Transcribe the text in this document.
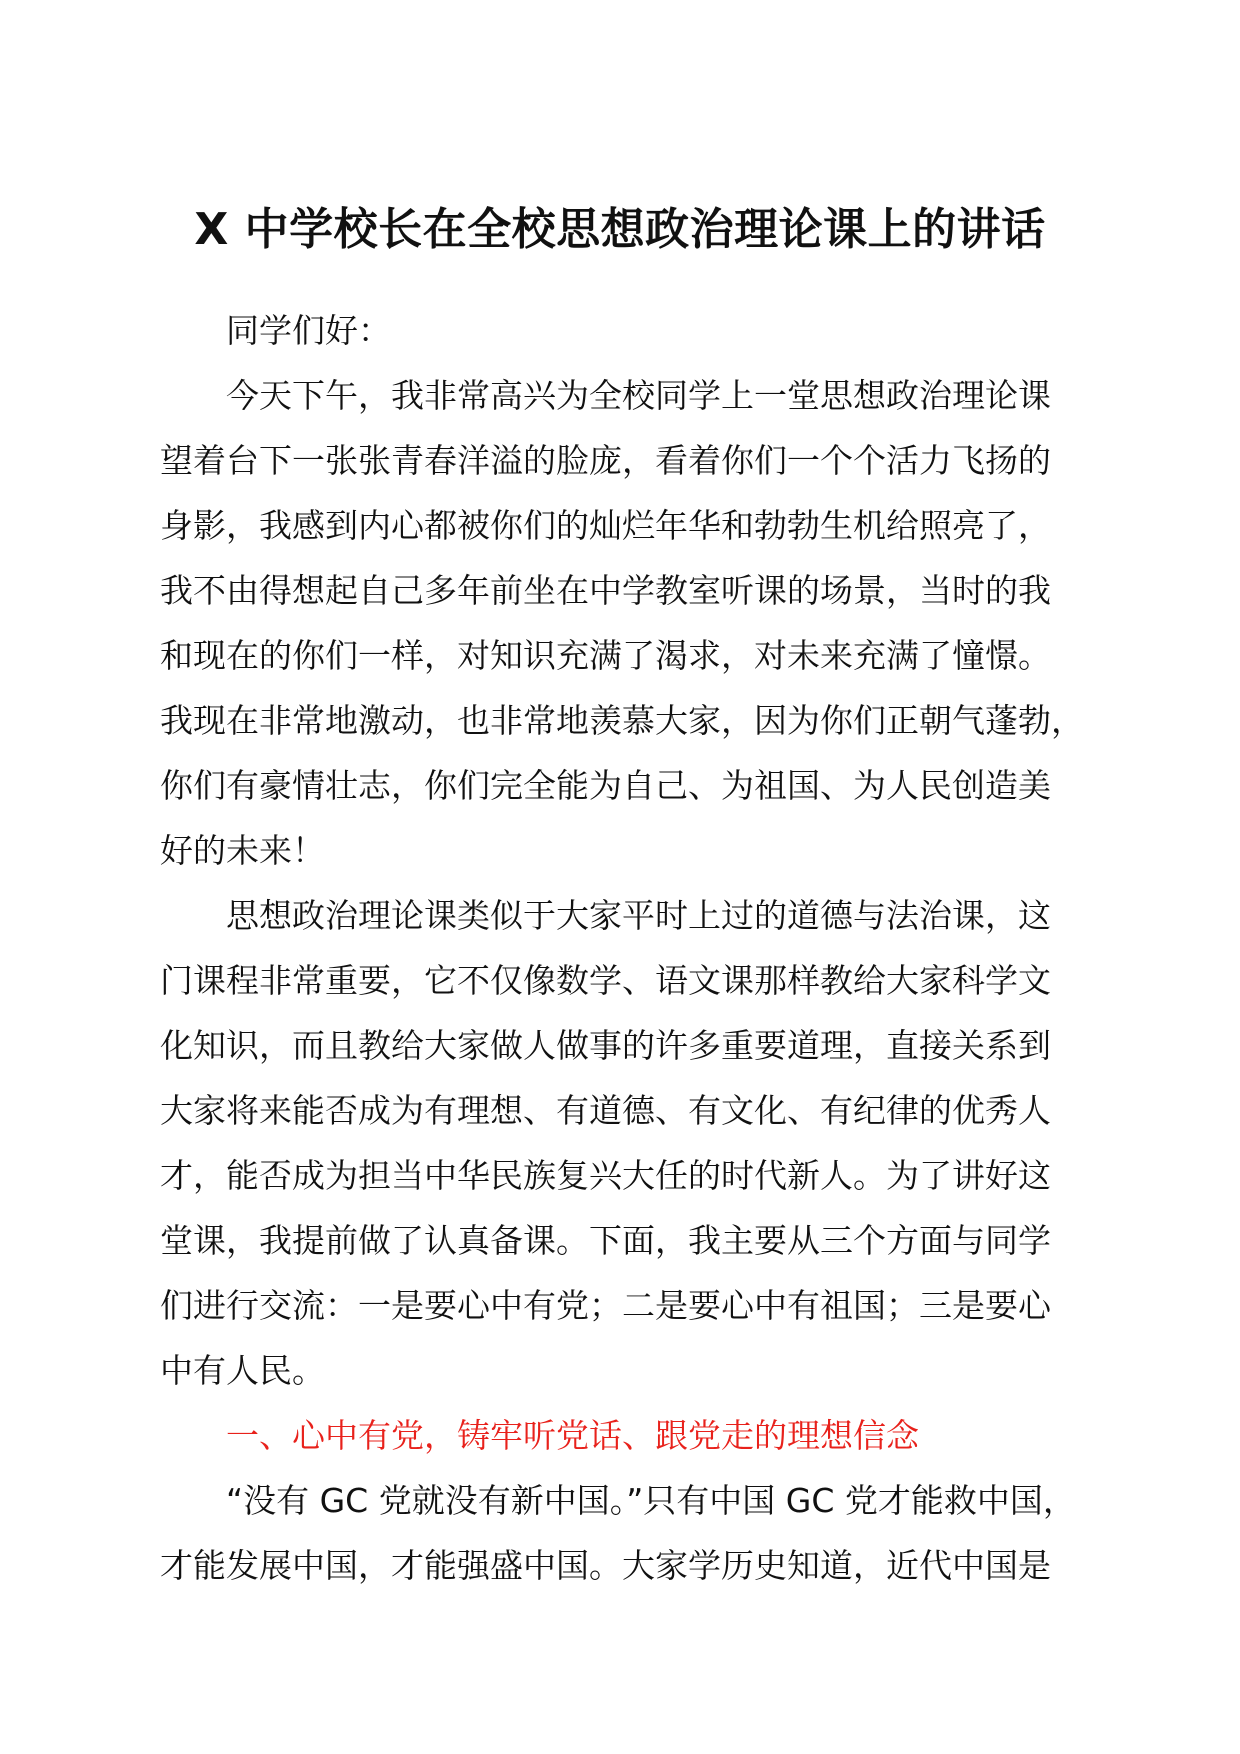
X 中学校长在全校思想政治理论课上的讲话
同学们好：
今天下午，我非常高兴为全校同学上一堂思想政治理论课
望着台下一张张青春洋溢的脸庞，看着你们一个个活力飞扬的
身影，我感到内心都被你们的灿烂年华和勃勃生机给照亮了，
我不由得想起自己多年前坐在中学教室听课的场景，当时的我
和现在的你们一样，对知识充满了渴求，对未来充满了憧憬。
我现在非常地激动，也非常地羡慕大家，因为你们正朝气蓬勃，
你们有豪情壮志，你们完全能为自己、为祖国、为人民创造美
好的未来！
思想政治理论课类似于大家平时上过的道德与法治课，这
门课程非常重要，它不仅像数学、语文课那样教给大家科学文
化知识，而且教给大家做人做事的许多重要道理，直接关系到
大家将来能否成为有理想、有道德、有文化、有纪律的优秀人
才，能否成为担当中华民族复兴大任的时代新人。为了讲好这
堂课，我提前做了认真备课。下面，我主要从三个方面与同学
们进行交流：一是要心中有党；二是要心中有祖国；三是要心
中有人民。
一、心中有党，铸牢听党话、跟党走的理想信念
“没有 GC 党就没有新中国。”只有中国 GC 党才能救中国，
才能发展中国，才能强盛中国。大家学历史知道，近代中国是
